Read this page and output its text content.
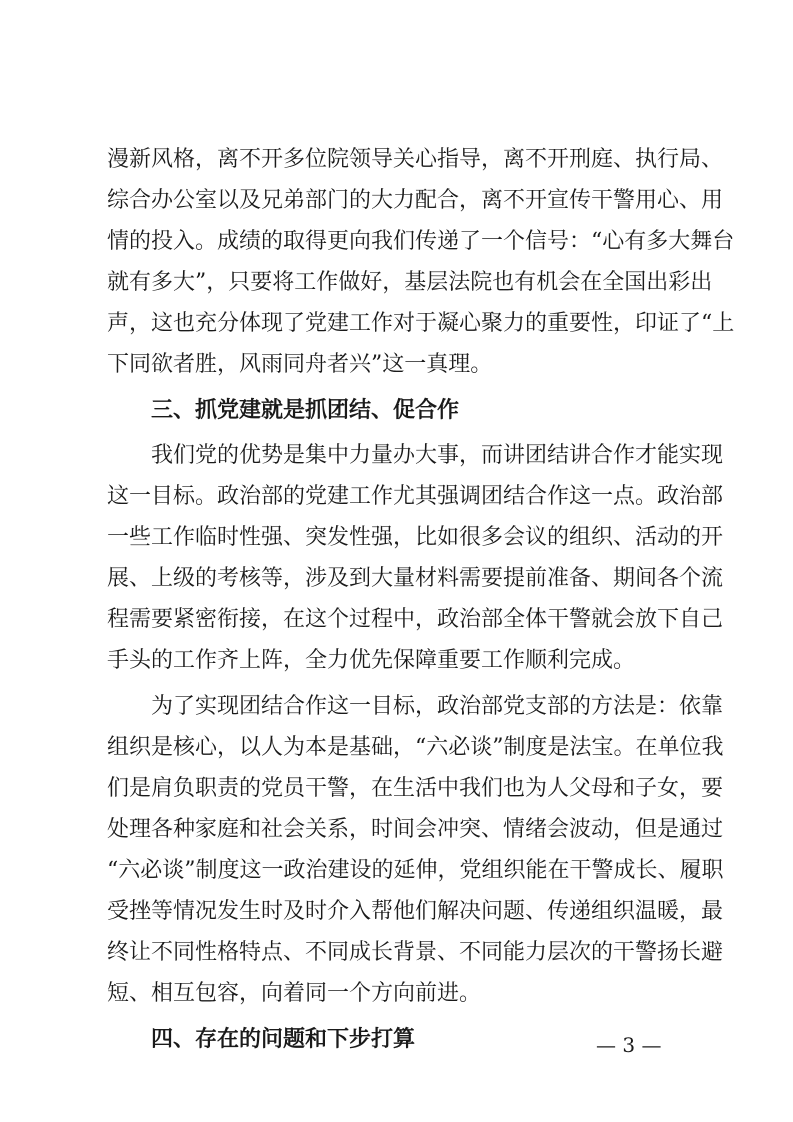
漫新风格，离不开多位院领导关心指导，离不开刑庭、执行局、
综合办公室以及兄弟部门的大力配合，离不开宣传干警用心、用
情的投入。成绩的取得更向我们传递了一个信号：“心有多大舞台
就有多大”，只要将工作做好，基层法院也有机会在全国出彩出
声，这也充分体现了党建工作对于凝心聚力的重要性，印证了“上
下同欲者胜，风雨同舟者兴”这一真理。
三、抓党建就是抓团结、促合作
我们党的优势是集中力量办大事，而讲团结讲合作才能实现
这一目标。政治部的党建工作尤其强调团结合作这一点。政治部
一些工作临时性强、突发性强，比如很多会议的组织、活动的开
展、上级的考核等，涉及到大量材料需要提前准备、期间各个流
程需要紧密衔接，在这个过程中，政治部全体干警就会放下自己
手头的工作齐上阵，全力优先保障重要工作顺利完成。
为了实现团结合作这一目标，政治部党支部的方法是：依靠
组织是核心，以人为本是基础，“六必谈”制度是法宝。在单位我
们是肩负职责的党员干警，在生活中我们也为人父母和子女，要
处理各种家庭和社会关系，时间会冲突、情绪会波动，但是通过
“六必谈”制度这一政治建设的延伸，党组织能在干警成长、履职
受挫等情况发生时及时介入帮他们解决问题、传递组织温暖，最
终让不同性格特点、不同成长背景、不同能力层次的干警扬长避
短、相互包容，向着同一个方向前进。
四、存在的问题和下步打算	— 3 —
